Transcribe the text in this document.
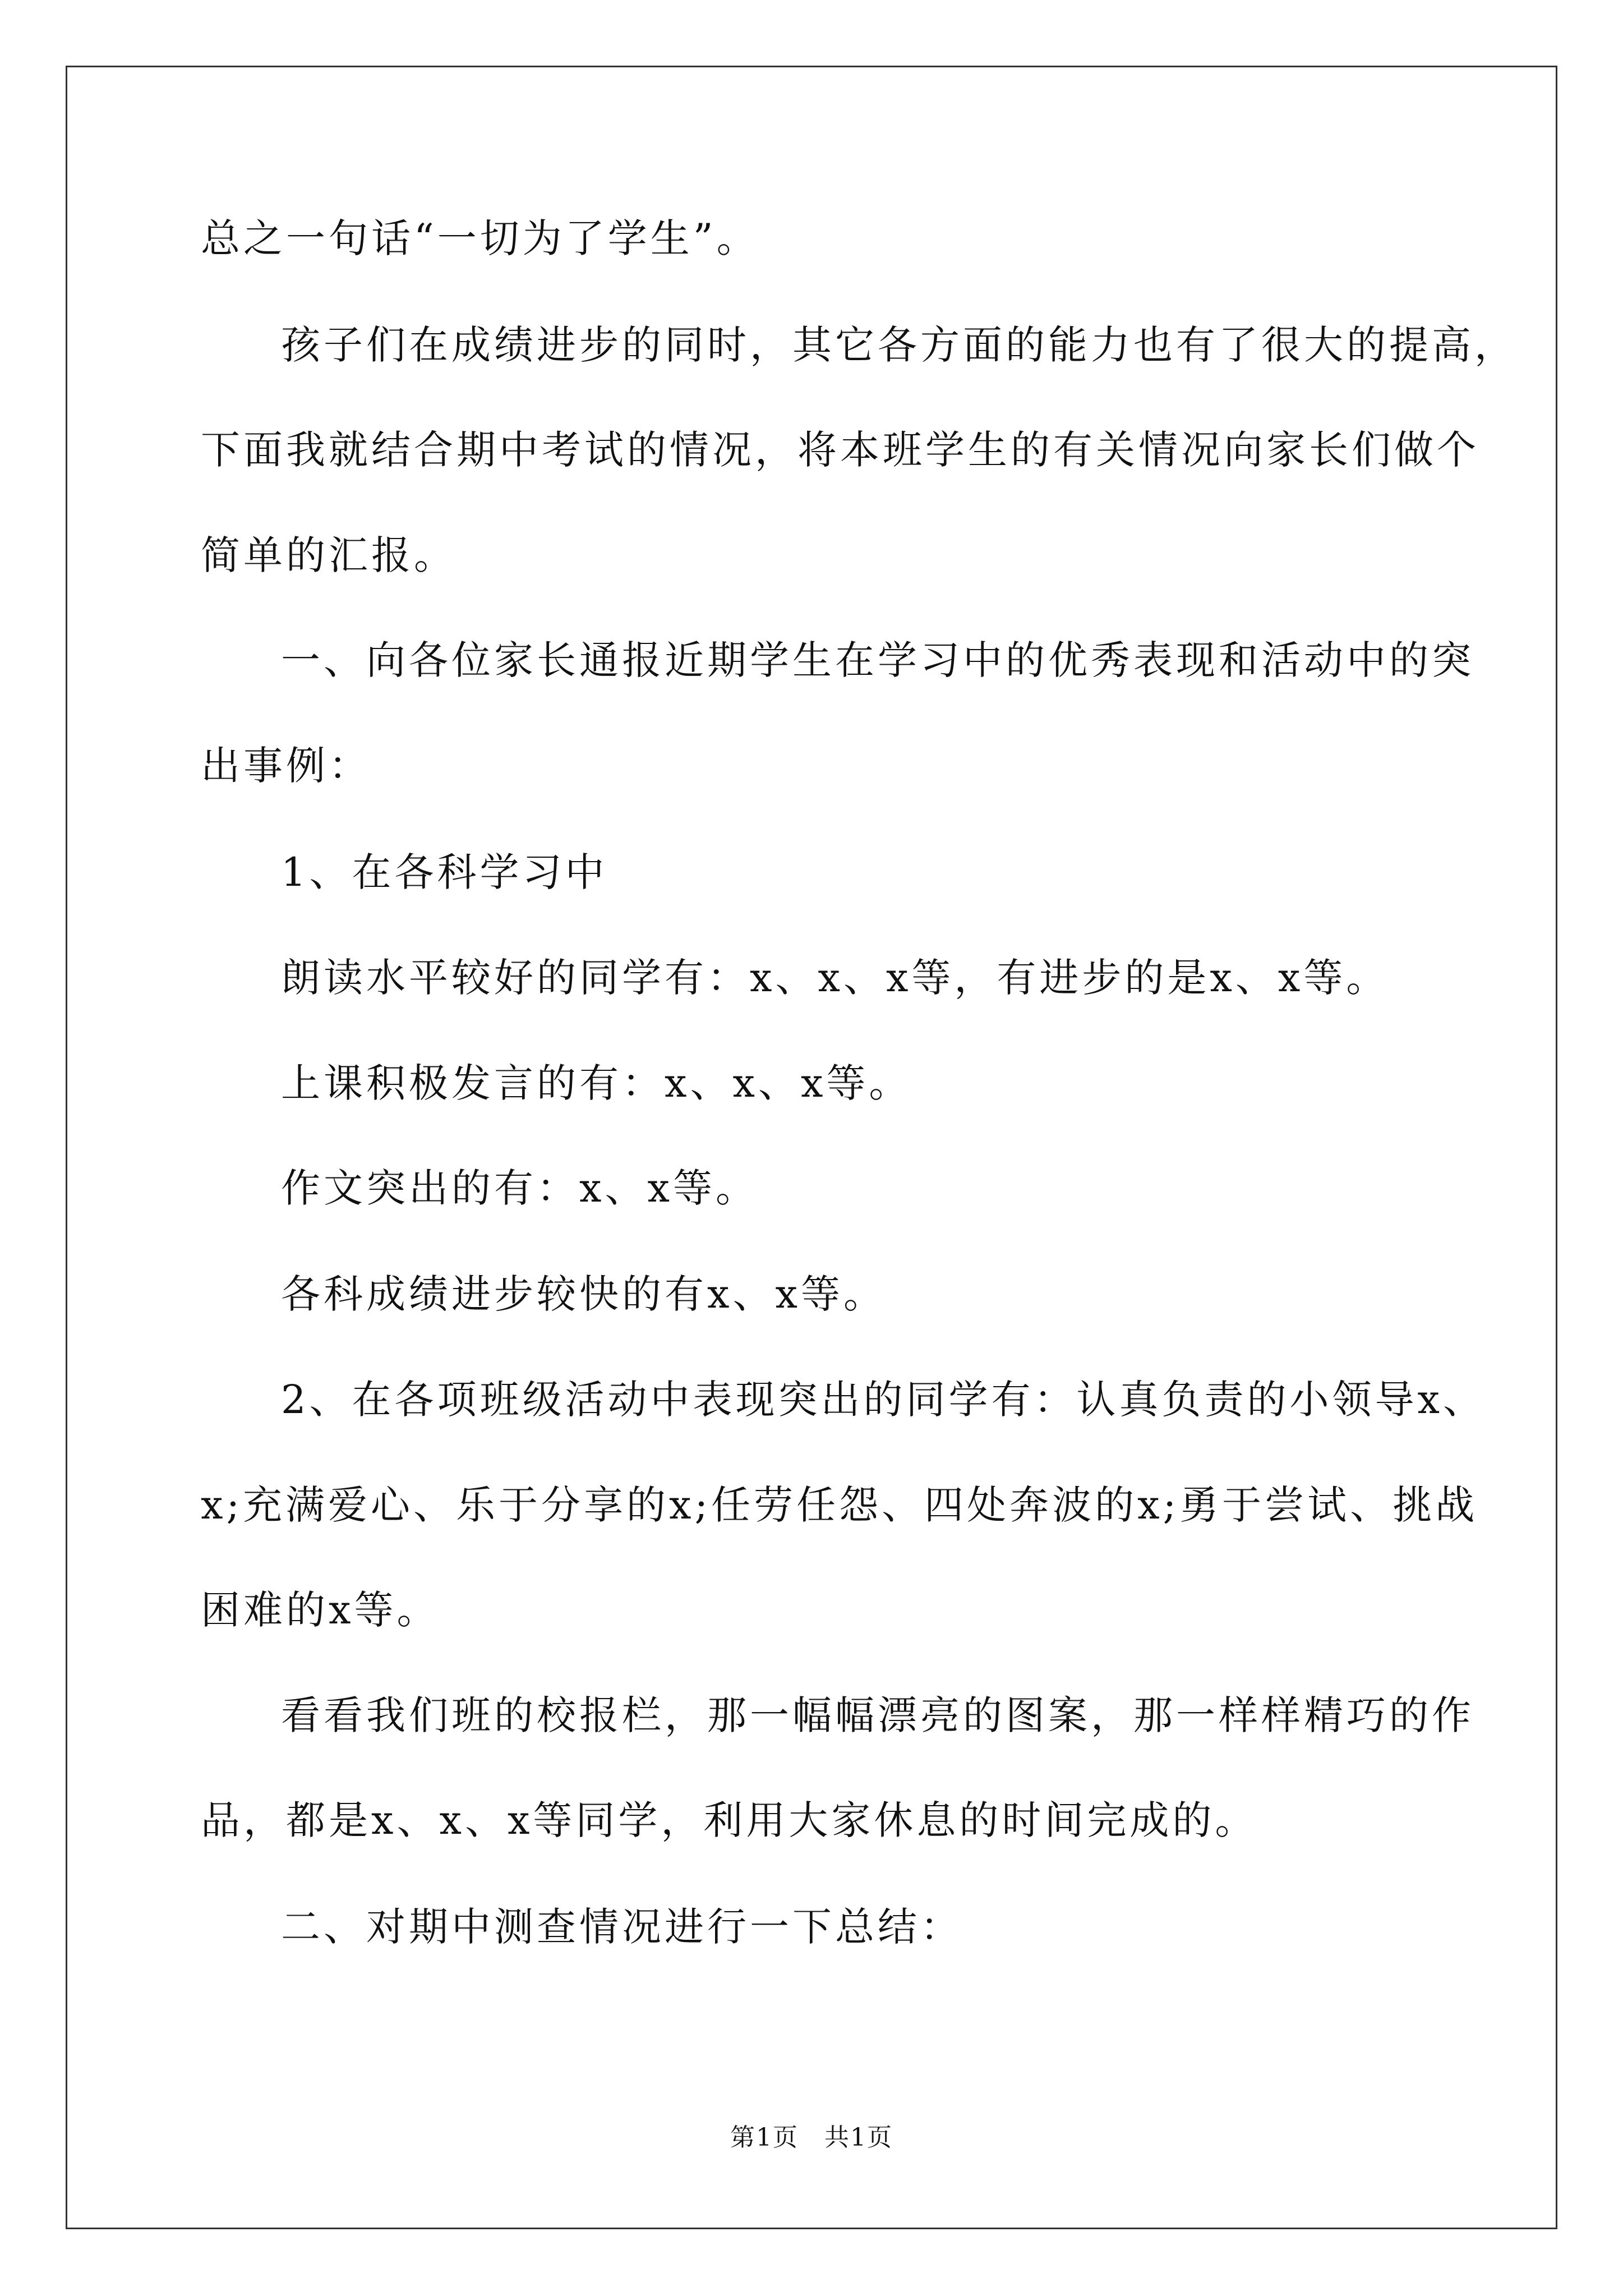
总之一句话“一切为了学生”。
孩子们在成绩进步的同时，其它各方面的能力也有了很大的提高，
下面我就结合期中考试的情况，将本班学生的有关情况向家长们做个
简单的汇报。
一、向各位家长通报近期学生在学习中的优秀表现和活动中的突
出事例：
1、在各科学习中
朗读水平较好的同学有：x、x、x等，有进步的是x、x等。
上课积极发言的有：x、x、x等。
作文突出的有：x、x等。
各科成绩进步较快的有x、x等。
2、在各项班级活动中表现突出的同学有：认真负责的小领导x、
x;充满爱心、乐于分享的x;任劳任怨、四处奔波的x;勇于尝试、挑战
困难的x等。
看看我们班的校报栏，那一幅幅漂亮的图案，那一样样精巧的作
品，都是x、x、x等同学，利用大家休息的时间完成的。
二、对期中测查情况进行一下总结：
第1页　共1页
